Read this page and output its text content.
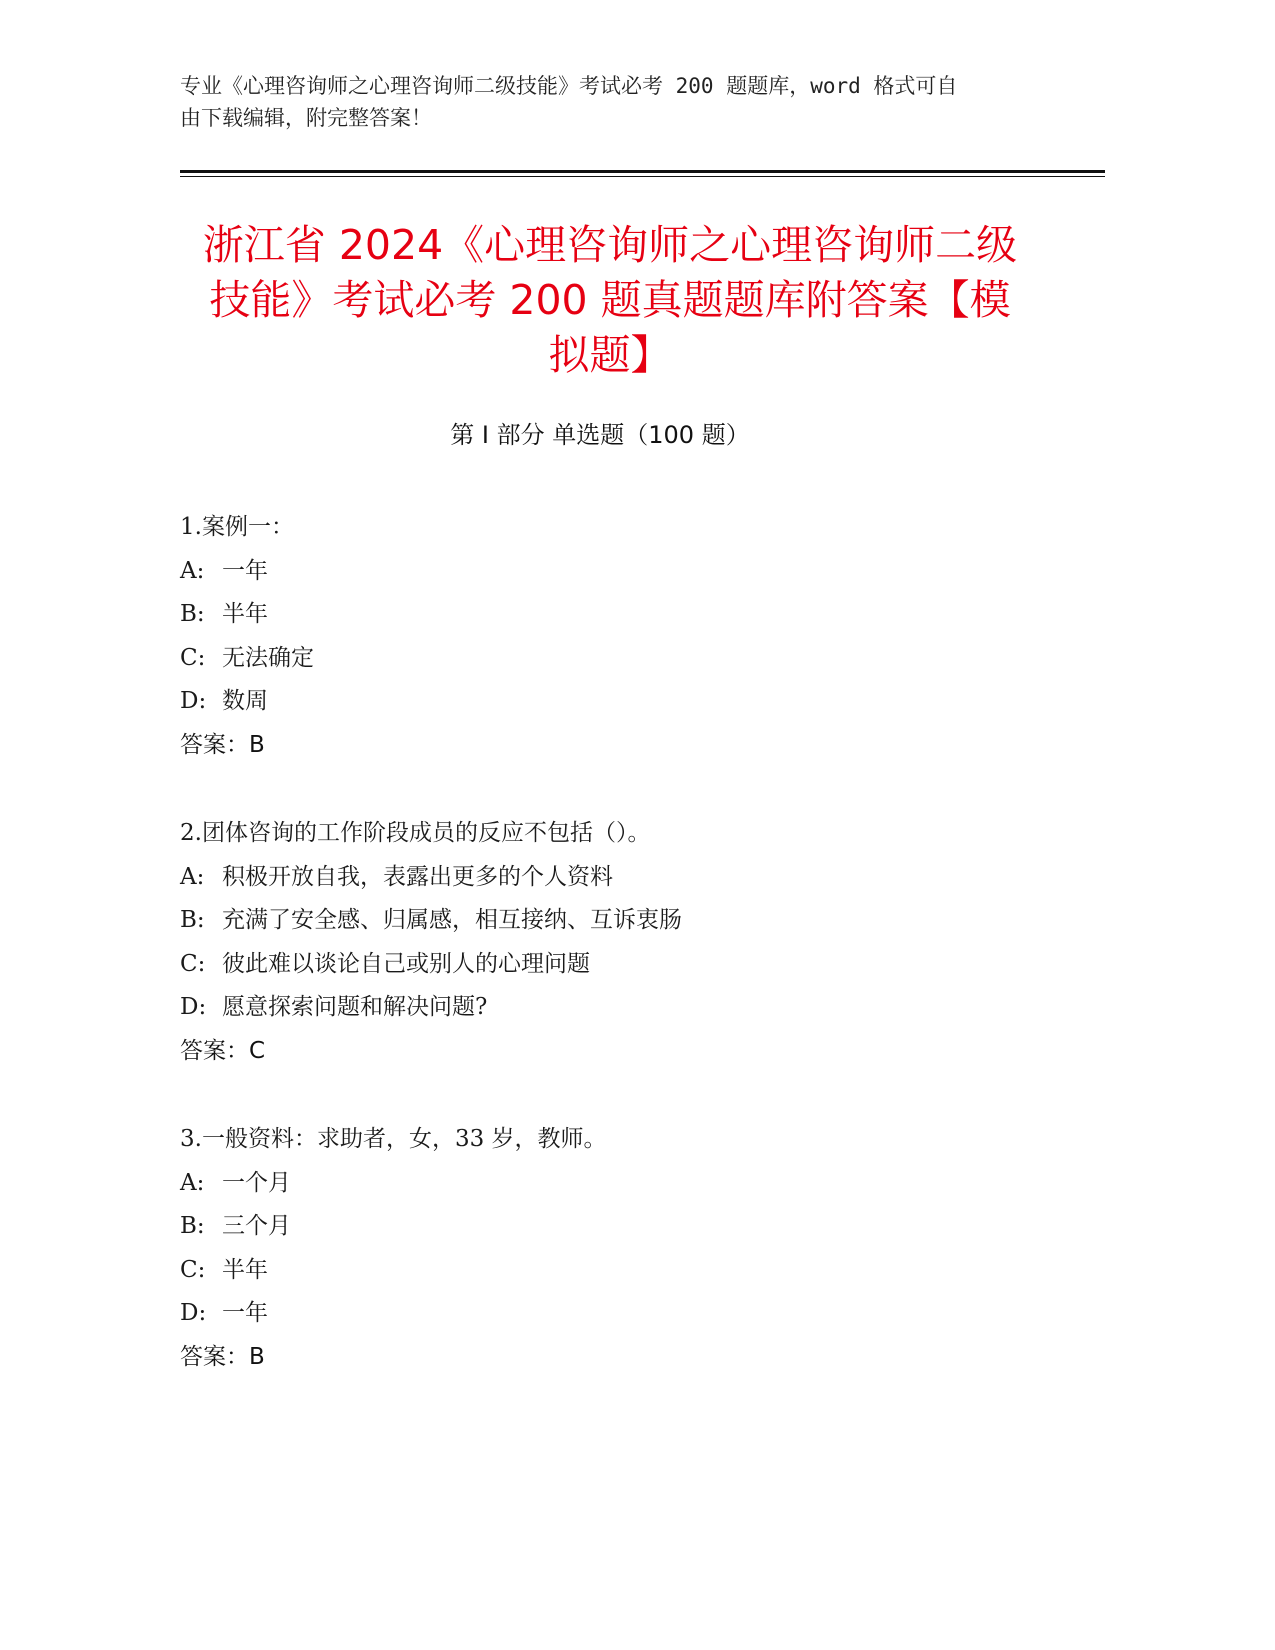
专业《心理咨询师之心理咨询师二级技能》考试必考 200 题题库，word 格式可自
由下载编辑，附完整答案！
浙江省 2024《心理咨询师之心理咨询师二级
技能》考试必考 200 题真题题库附答案【模
拟题】
第 I 部分 单选题（100 题）
1.案例一：
A: 一年
B: 半年
C: 无法确定
D: 数周
答案：B
2.团体咨询的工作阶段成员的反应不包括（）。
A: 积极开放自我，表露出更多的个人资料
B: 充满了安全感、归属感，相互接纳、互诉衷肠
C: 彼此难以谈论自己或别人的心理问题
D: 愿意探索问题和解决问题?
答案：C
3.一般资料：求助者，女，33 岁，教师。
A: 一个月
B: 三个月
C: 半年
D: 一年
答案：B
